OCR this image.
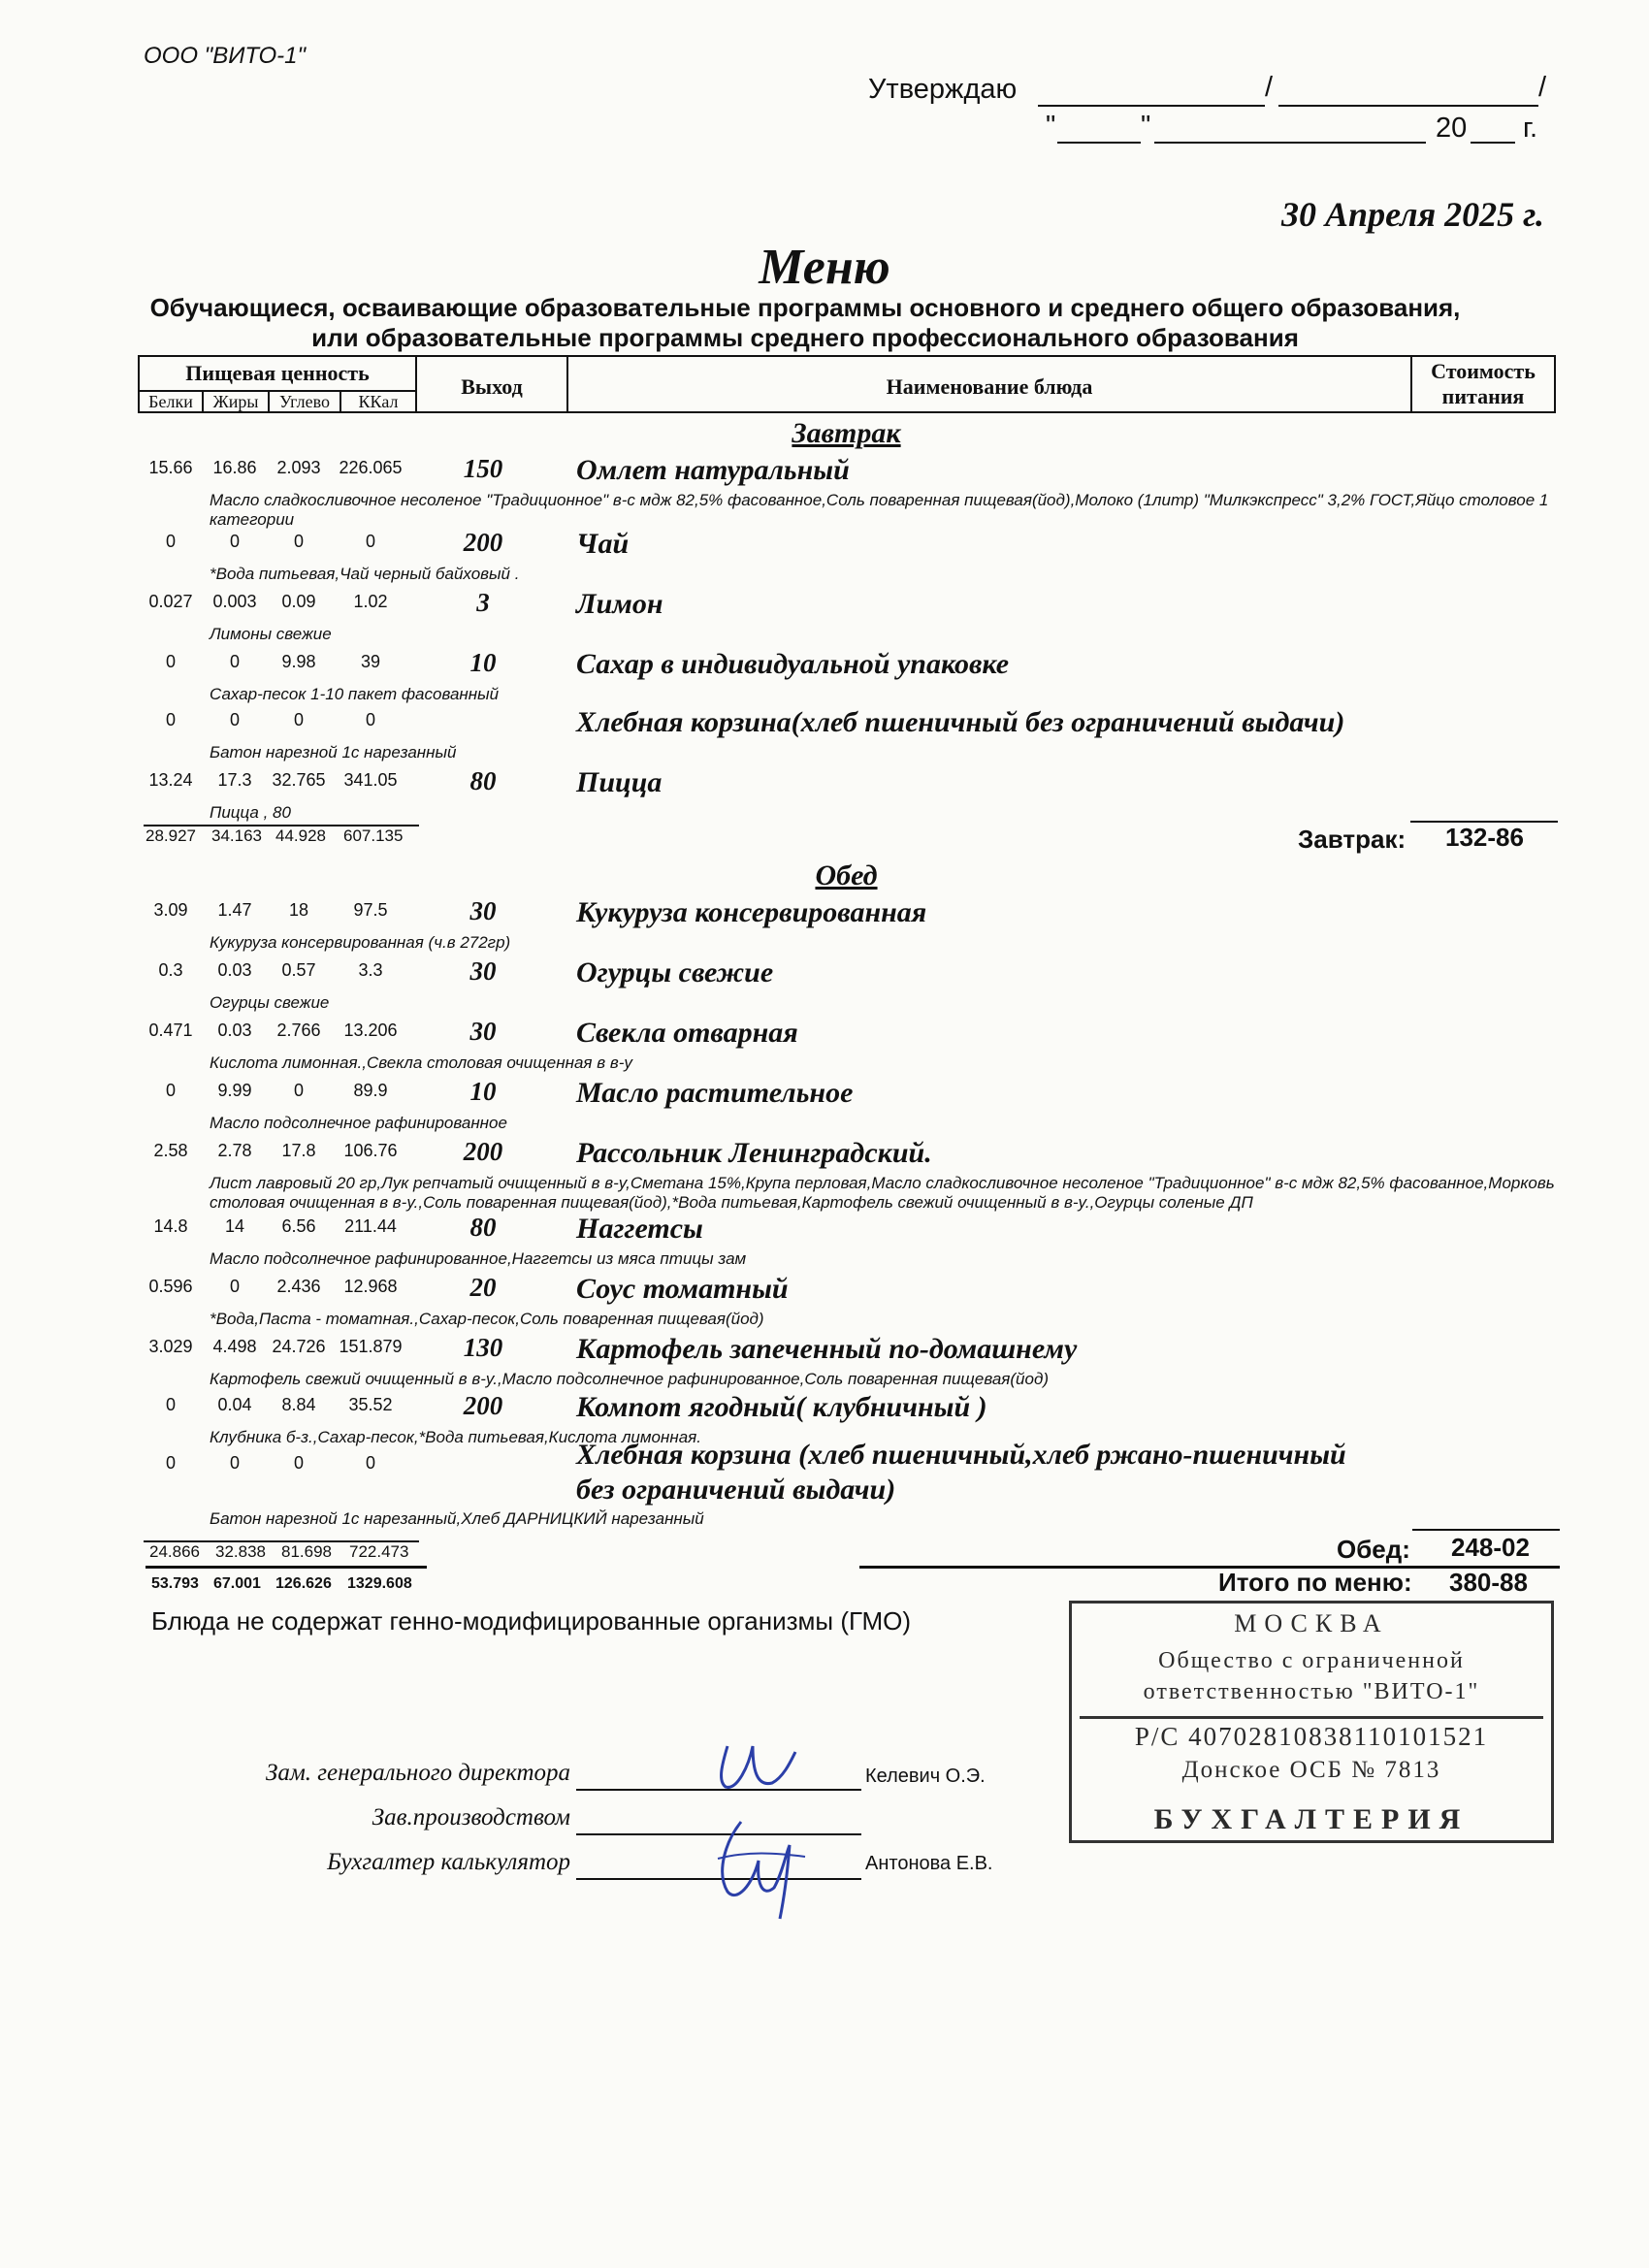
ООО "ВИТО-1"
Утверждаю	/	/
"	"	20 г.
30 Апреля 2025 г.
Меню
Обучающиеся, осваивающие образовательные программы основного и среднего общего образования, или образовательные программы среднего профессионального образования
Пищевая ценность
Белки	Жиры	Углево	ККал
Выход	Наименование блюда
Стоимость питания
Завтрак
15.66	16.86	2.093	226.065	150	Омлет натуральный
Масло сладкосливочное несоленое "Традиционное" в-с мдж 82,5% фасованное,Соль поваренная пищевая(йод),Молоко (1литр) "Милкэкспресс" 3,2% ГОСТ,Яйцо столовое 1 категории
0	0	0	0	200	Чай
*Вода питьевая,Чай черный байховый .
0.027	0.003	0.09	1.02	3	Лимон
Лимоны свежие
0	0	9.98	39	10	Сахар в индивидуальной упаковке
Сахар-песок 1-10 пакет фасованный
0	0	0	0	Хлебная корзина(хлеб пшеничный без ограничений выдачи)
Батон нарезной 1с нарезанный
13.24	17.3	32.765	341.05	80	Пицца
Пицца , 80
28.927 34.163 44.928 607.135	Завтрак: 132-86
Обед
3.09	1.47	18	97.5	30	Кукуруза консервированная
Кукуруза консервированная (ч.в 272гр)
0.3	0.03	0.57	3.3	30	Огурцы свежие
Огурцы свежие
0.471	0.03	2.766	13.206	30	Свекла отварная
Кислота лимонная.,Свекла столовая очищенная в в-у
0	9.99	0	89.9	10	Масло растительное
Масло подсолнечное рафинированное
2.58	2.78	17.8	106.76	200	Рассольник Ленинградский.
Лист лавровый 20 гр,Лук репчатый очищенный в в-у,Сметана 15%,Крупа перловая,Масло сладкосливочное несоленое "Традиционное" в-с мдж 82,5% фасованное,Морковь столовая очищенная в в-у.,Соль поваренная пищевая(йод),*Вода питьевая,Картофель свежий очищенный в в-у.,Огурцы соленые ДП
14.8	14	6.56	211.44	80	Наггетсы
Масло подсолнечное рафинированное,Наггетсы из мяса птицы зам
0.596	0	2.436	12.968	20	Соус томатный
*Вода,Паста - томатная.,Сахар-песок,Соль поваренная пищевая(йод)
3.029	4.498 24.726 151.879	130	Картофель запеченный по-домашнему
Картофель свежий очищенный в в-у.,Масло подсолнечное рафинированное,Соль поваренная пищевая(йод)
0	0.04	8.84	35.52	200	Компот ягодный( клубничный )
Клубника б-з.,Сахар-песок,*Вода питьевая,Кислота лимонная.
0	0	0	0	Хлебная корзина (хлеб пшеничный,хлеб ржано-пшеничный без ограничений выдачи)
Батон нарезной 1с нарезанный,Хлеб ДАРНИЦКИЙ нарезанный
24.866 32.838 81.698 722.473	Обед: 248-02
53.793 67.001 126.626 1329.608	Итого по меню: 380-88
Блюда не содержат генно-модифицированные организмы (ГМО)	МОСКВА
Общество с ограниченной
ответственностью "ВИТО-1"
Р/С 40702810838110101521
Донское ОСБ № 7813
БУХГАЛТЕРИЯ
Зам. генерального директора	Келевич О.Э.
Зав.производством
Бухгалтер калькулятор	Антонова Е.В.
